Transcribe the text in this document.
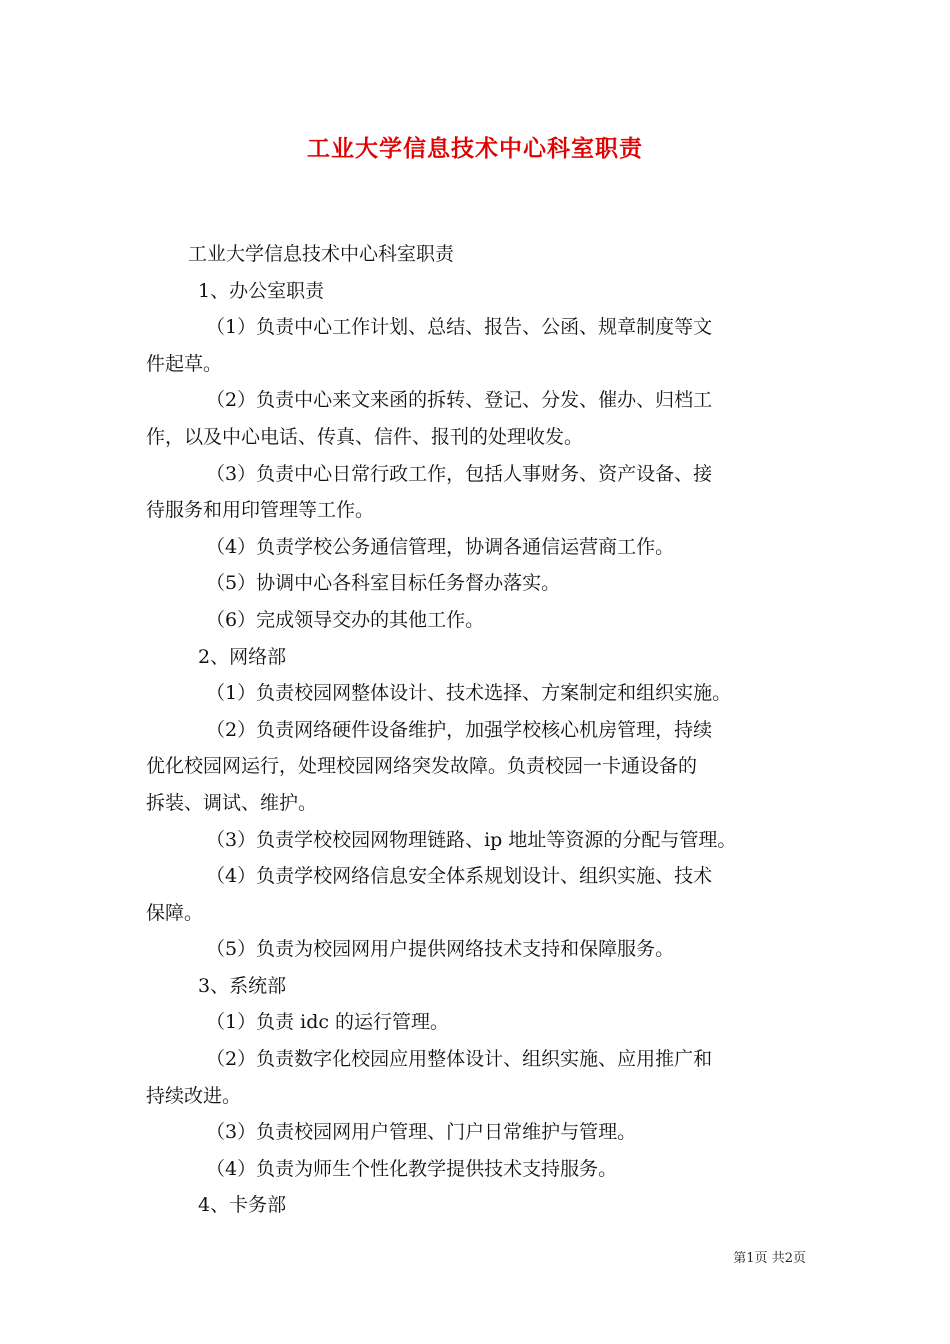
工业大学信息技术中心科室职责
工业大学信息技术中心科室职责
1、办公室职责
（1）负责中心工作计划、总结、报告、公函、规章制度等文
件起草。
（2）负责中心来文来函的拆转、登记、分发、催办、归档工
作，以及中心电话、传真、信件、报刊的处理收发。
（3）负责中心日常行政工作，包括人事财务、资产设备、接
待服务和用印管理等工作。
（4）负责学校公务通信管理，协调各通信运营商工作。
（5）协调中心各科室目标任务督办落实。
（6）完成领导交办的其他工作。
2、网络部
（1）负责校园网整体设计、技术选择、方案制定和组织实施。
（2）负责网络硬件设备维护，加强学校核心机房管理，持续
优化校园网运行，处理校园网络突发故障。负责校园一卡通设备的
拆装、调试、维护。
（3）负责学校校园网物理链路、ip 地址等资源的分配与管理。
（4）负责学校网络信息安全体系规划设计、组织实施、技术
保障。
（5）负责为校园网用户提供网络技术支持和保障服务。
3、系统部
（1）负责 idc 的运行管理。
（2）负责数字化校园应用整体设计、组织实施、应用推广和
持续改进。
（3）负责校园网用户管理、门户日常维护与管理。
（4）负责为师生个性化教学提供技术支持服务。
4、卡务部
第1页 共2页
